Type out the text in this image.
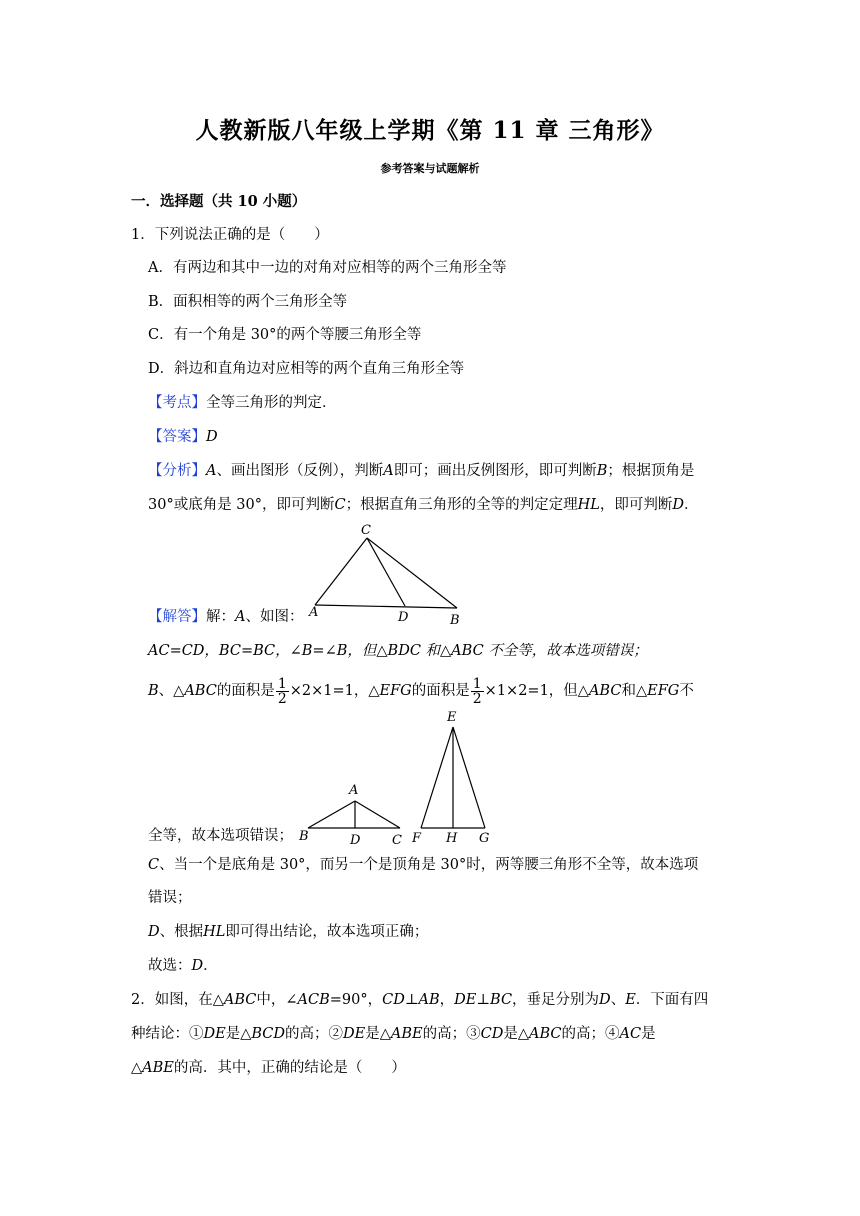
人教新版八年级上学期《第 11 章 三角形》
参考答案与试题解析
一．选择题（共 10 小题）
1．下列说法正确的是（　　）
A．有两边和其中一边的对角对应相等的两个三角形全等
B．面积相等的两个三角形全等
C．有一个角是 30°的两个等腰三角形全等
D．斜边和直角边对应相等的两个直角三角形全等
【考点】全等三角形的判定．
【答案】D
【分析】A、画出图形（反例），判断A即可；画出反例图形，即可判断B；根据顶角是
30°或底角是 30°，即可判断C；根据直角三角形的全等的判定定理HL，即可判断D．
C
A	D	B
【解答】解：A、如图：
AC=CD，BC=BC，∠B=∠B，但△BDC 和△ABC 不全等，故本选项错误；
B、△ABC的面积是 $\frac{1}{2} \times 2\times 1=1$，△EFG的面积是 $\frac{1}{2} \times 1\times 2=1$，但△ABC和△EFG不
A
B	D C
E
F H G
全等，故本选项错误；
C、当一个是底角是 30°，而另一个是顶角是 30°时，两等腰三角形不全等，故本选项
错误；
D、根据HL即可得出结论，故本选项正确；
故选：D．
2．如图，在△ABC中，∠ACB=90°，CD⊥AB，DE⊥BC，垂足分别为D、E．下面有四
种结论：①DE是△BCD的高；②DE是△ABE的高；③CD是△ABC的高；④AC是
△ABE的高．其中，正确的结论是（　　）
